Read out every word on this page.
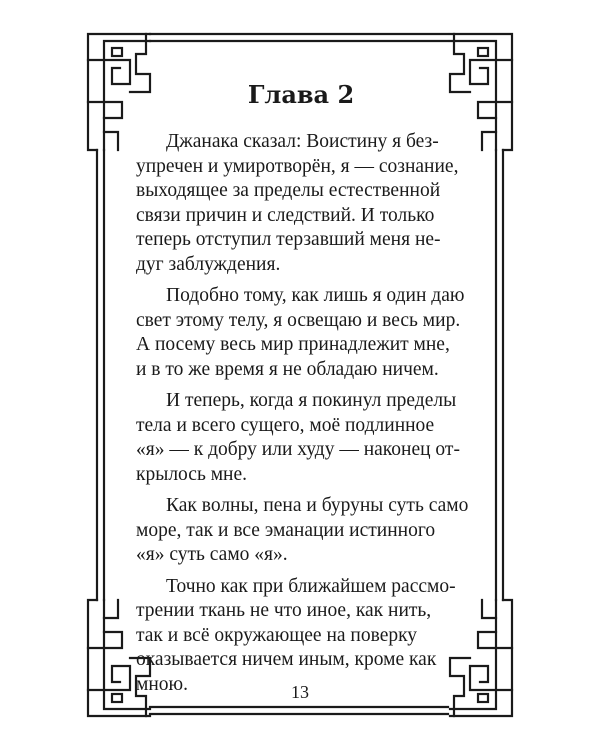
Глава 2
Джанака сказал: Воистину я без-
упречен и умиротворён, я — сознание,
выходящее за пределы естественной
связи причин и следствий. И только
теперь отступил терзавший меня не-
дуг заблуждения.
Подобно тому, как лишь я один даю
свет этому телу, я освещаю и весь мир.
А посему весь мир принадлежит мне,
и в то же время я не обладаю ничем.
И теперь, когда я покинул пределы
тела и всего сущего, моё подлинное
«я» — к добру или худу — наконец от-
крылось мне.
Как волны, пена и буруны суть само
море, так и все эманации истинного
«я» суть само «я».
Точно как при ближайшем рассмо-
трении ткань не что иное, как нить,
так и всё окружающее на поверку
оказывается ничем иным, кроме как
мною.	13
